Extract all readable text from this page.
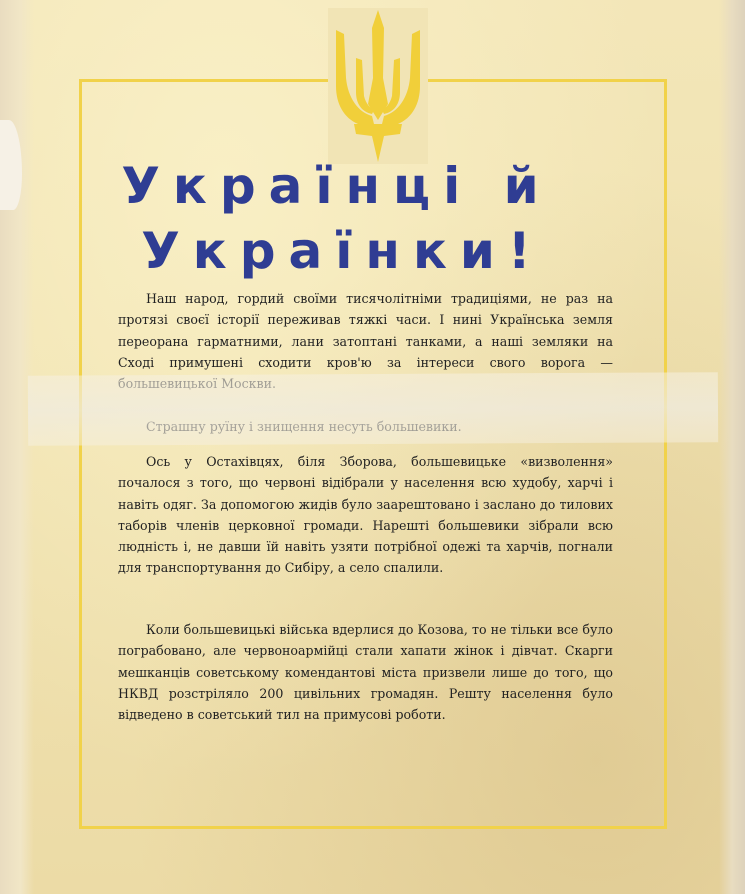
Українці й
Українки!
Наш народ, гордий своїми тисячолітніми традиціями, не раз на протязі своєї історії переживав тяжкі часи. І нині Українська земля переорана гарматними, лани затоптані танками, а наші земляки на Сході примушені сходити кров'ю за інтереси свого ворога —
Ось у Остахівцях, біля Зборова, большевицьке «визволення» почалося з того, що червоні відібрали у населення всю худобу, харчі і навіть одяг. За допомогою жидів було заарештовано і заслано до тилових таборів членів церковної громади. Нарешті большевики зібрали всю людність і, не давши їй навіть узяти потрібної одежі та харчів, погнали для транспортування до Сибіру, а село спалили.
Коли большевицькі війська вдерлися до Козова, то не тільки все було пограбовано, але червоноармійці стали хапати жінок і дівчат. Скарги мешканців советському комендантові міста призвели лише до того, що НКВД розстріляло 200 цивільних громадян. Решту населення було відведено в советський тил на примусові роботи.
